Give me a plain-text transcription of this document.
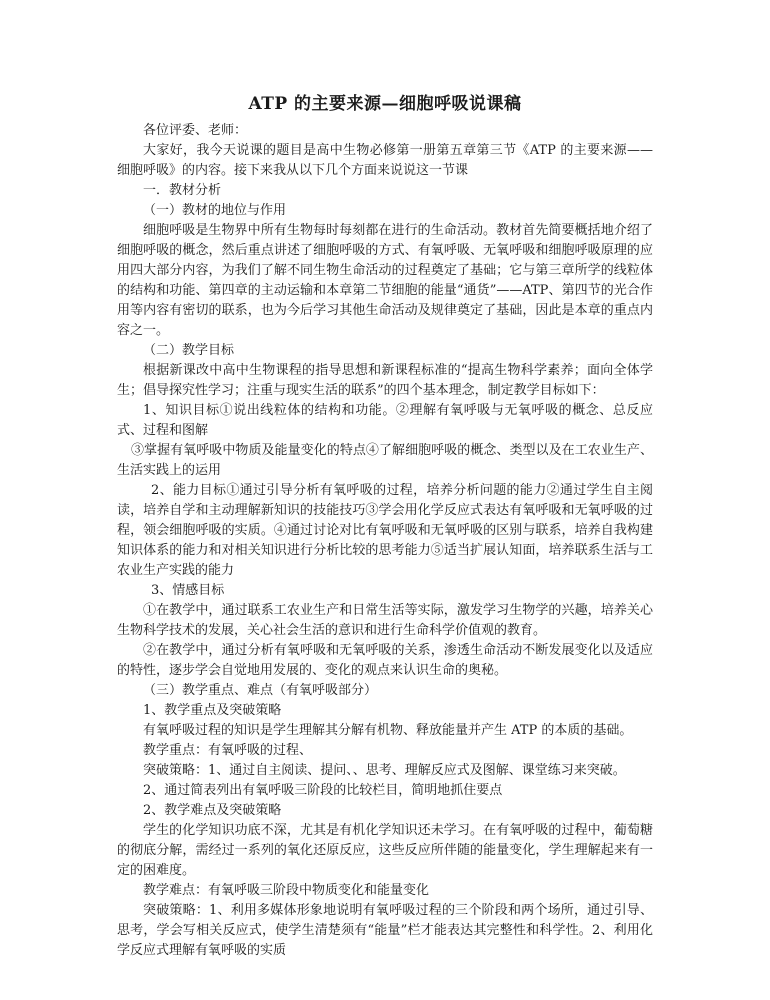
ATP 的主要来源—细胞呼吸说课稿

各位评委、老师：

大家好，我今天说课的题目是高中生物必修第一册第五章第三节《ATP 的主要来源——细胞呼吸》的内容。接下来我从以下几个方面来说说这一节课

一．教材分析

（一）教材的地位与作用

细胞呼吸是生物界中所有生物每时每刻都在进行的生命活动。教材首先简要概括地介绍了细胞呼吸的概念，然后重点讲述了细胞呼吸的方式、有氧呼吸、无氧呼吸和细胞呼吸原理的应用四大部分内容，为我们了解不同生物生命活动的过程奠定了基础；它与第三章所学的线粒体的结构和功能、第四章的主动运输和本章第二节细胞的能量“通货”——ATP、第四节的光合作用等内容有密切的联系，也为今后学习其他生命活动及规律奠定了基础，因此是本章的重点内容之一。

（二）教学目标

根据新课改中高中生物课程的指导思想和新课程标准的“提高生物科学素养；面向全体学生；倡导探究性学习；注重与现实生活的联系”的四个基本理念，制定教学目标如下：

1、知识目标①说出线粒体的结构和功能。②理解有氧呼吸与无氧呼吸的概念、总反应式、过程和图解

③掌握有氧呼吸中物质及能量变化的特点④了解细胞呼吸的概念、类型以及在工农业生产、生活实践上的运用

2、能力目标①通过引导分析有氧呼吸的过程，培养分析问题的能力②通过学生自主阅读，培养自学和主动理解新知识的技能技巧③学会用化学反应式表达有氧呼吸和无氧呼吸的过程，领会细胞呼吸的实质。④通过讨论对比有氧呼吸和无氧呼吸的区别与联系，培养自我构建知识体系的能力和对相关知识进行分析比较的思考能力⑤适当扩展认知面，培养联系生活与工农业生产实践的能力

3、情感目标

①在教学中，通过联系工农业生产和日常生活等实际，激发学习生物学的兴趣，培养关心生物科学技术的发展，关心社会生活的意识和进行生命科学价值观的教育。

②在教学中，通过分析有氧呼吸和无氧呼吸的关系，渗透生命活动不断发展变化以及适应的特性，逐步学会自觉地用发展的、变化的观点来认识生命的奥秘。

（三）教学重点、难点（有氧呼吸部分）

1、教学重点及突破策略

有氧呼吸过程的知识是学生理解其分解有机物、释放能量并产生 ATP 的本质的基础。

教学重点：有氧呼吸的过程、

突破策略：1、通过自主阅读、提问、、思考、理解反应式及图解、课堂练习来突破。

2、通过简表列出有氧呼吸三阶段的比较栏目，简明地抓住要点

2、教学难点及突破策略

学生的化学知识功底不深，尤其是有机化学知识还未学习。在有氧呼吸的过程中，葡萄糖的彻底分解，需经过一系列的氧化还原反应，这些反应所伴随的能量变化，学生理解起来有一定的困难度。

教学难点：有氧呼吸三阶段中物质变化和能量变化

突破策略：1、利用多媒体形象地说明有氧呼吸过程的三个阶段和两个场所，通过引导、思考，学会写相关反应式，使学生清楚须有“能量”栏才能表达其完整性和科学性。2、利用化学反应式理解有氧呼吸的实质
